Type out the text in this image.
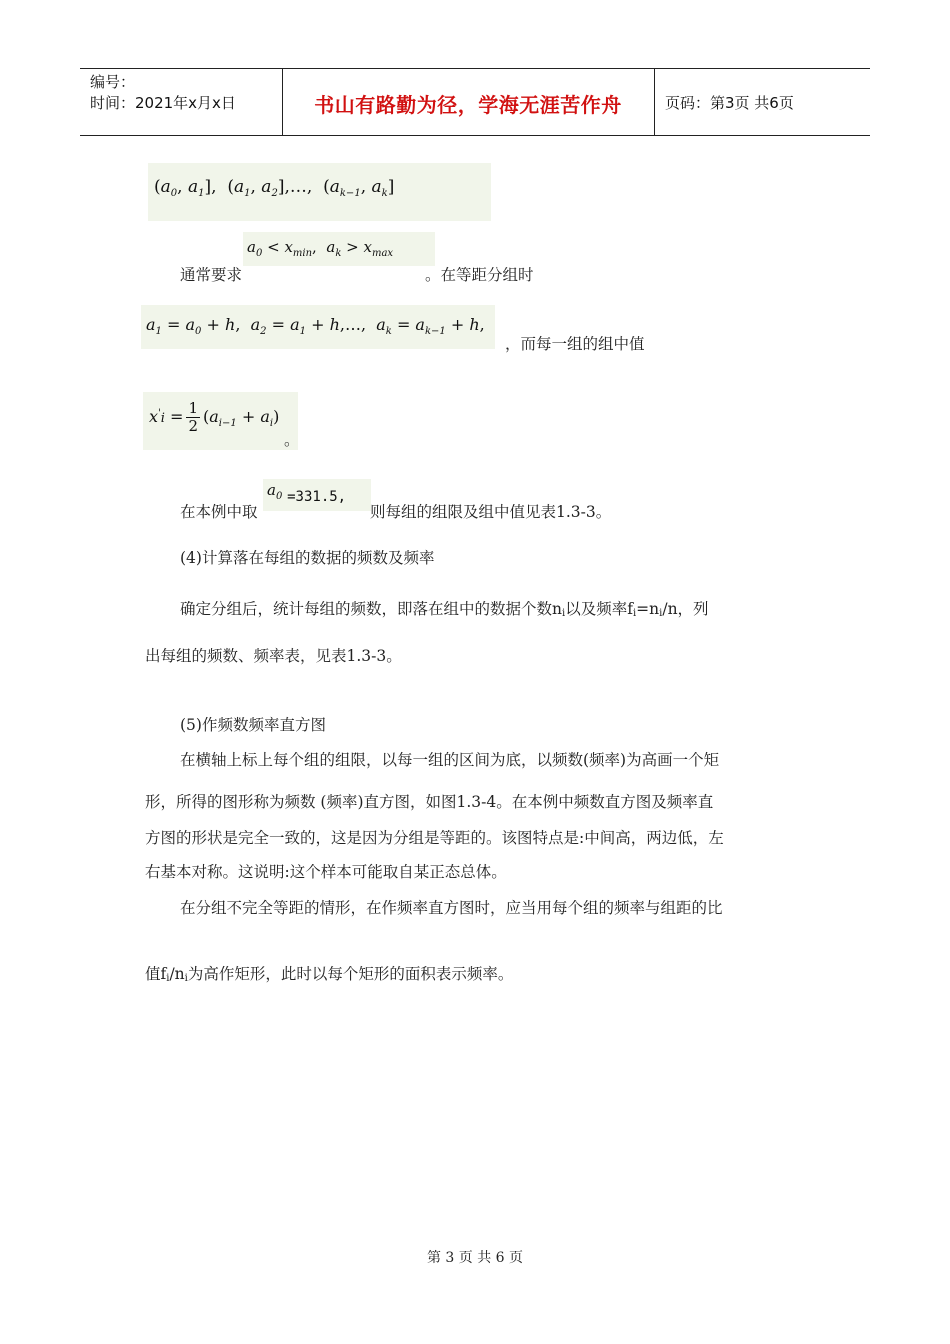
编号：
时间：2021年x月x日	书山有路勤为径，学海无涯苦作舟	页码：第3页 共6页
($a_0$, $a_1$], ($a_1$, $a_2],\dots$, ($a_{k-1}$, $a_k$]
通常要求
$a_0 < x_{min}$,  $a_k > x_{max}$
。在等距分组时
$a_1 = a_0 + h$,  $a_2 = a_1$ + h,…,  $a_k = a_{k-1} + h$,
，而每一组的组中值
$x'i = \frac{1}{2} (a_{i-1} + a_i)$
。
在本例中取
$a_0 =331.5$,
则每组的组限及组中值见表1.3-3。
(4)计算落在每组的数据的频数及频率
确定分组后，统计每组的频数，即落在组中的数据个数ni以及频率fi=ni/n，列
出每组的频数、频率表，见表1.3-3。
(5)作频数频率直方图
在横轴上标上每个组的组限，以每一组的区间为底，以频数(频率)为高画一个矩
形，所得的图形称为频数 (频率)直方图，如图1.3-4。在本例中频数直方图及频率直
方图的形状是完全一致的，这是因为分组是等距的。该图特点是:中间高，两边低，左
右基本对称。这说明:这个样本可能取自某正态总体。
在分组不完全等距的情形，在作频率直方图时，应当用每个组的频率与组距的比
值fi/ni为高作矩形，此时以每个矩形的面积表示频率。
第 3 页 共 6 页
